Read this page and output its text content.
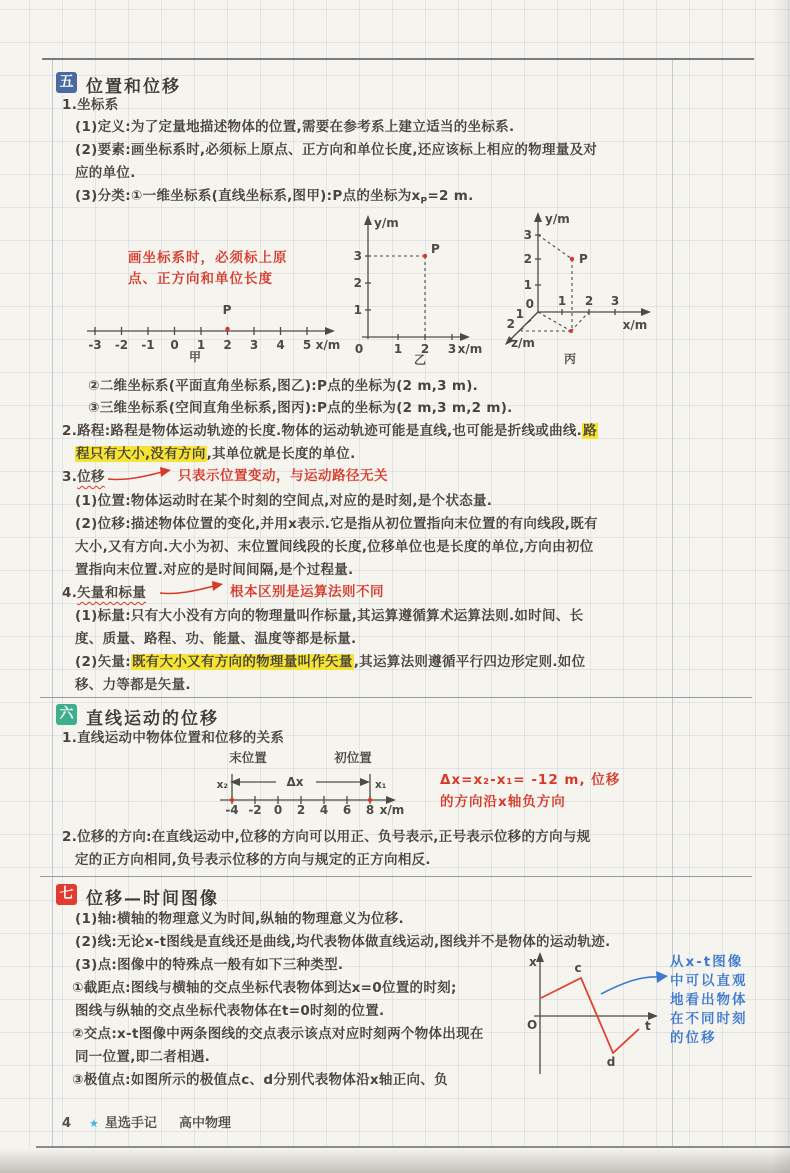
五 位置和位移
1.坐标系
(1)定义:为了定量地描述物体的位置,需要在参考系上建立适当的坐标系.
(2)要素:画坐标系时,必须标上原点、正方向和单位长度,还应该标上相应的物理量及对
应的单位.
(3)分类:①一维坐标系(直线坐标系,图甲):P点的坐标为$x_P=2$ m.
画坐标系时，必须标上原
点、正方向和单位长度
-3 -2 -1 0 1 2 3 4 5 x/m
P
甲
3
2
1
1 2 3
0	x/m
y/m
P
乙
3
2
1
1 2 3
1
2
0
y/m
x/m
z/m
P
丙
②二维坐标系(平面直角坐标系,图乙):P点的坐标为(2 m,3 m).
③三维坐标系(空间直角坐标系,图丙):P点的坐标为(2 m,3 m,2 m).
2.路程:路程是物体运动轨迹的长度.物体的运动轨迹可能是直线,也可能是折线或曲线.路
程只有大小,没有方向,其单位就是长度的单位.
3.位移	只表示位置变动，与运动路径无关
(1)位置:物体运动时在某个时刻的空间点,对应的是时刻,是个状态量.
(2)位移:描述物体位置的变化,并用x表示.它是指从初位置指向末位置的有向线段,既有
大小,又有方向.大小为初、末位置间线段的长度,位移单位也是长度的单位,方向由初位
置指向末位置.对应的是时间间隔,是个过程量.
4.矢量和标量	根本区别是运算法则不同
(1)标量:只有大小没有方向的物理量叫作标量,其运算遵循算术运算法则.如时间、长
度、质量、路程、功、能量、温度等都是标量.
(2)矢量:既有大小又有方向的物理量叫作矢量,其运算法则遵循平行四边形定则.如位
移、力等都是矢量.
六 直线运动的位移
1.直线运动中物体位置和位移的关系
-4 -2 0 2 4 6 8 x/m
末位置	初位置
x₂	x₁
Δx	Δx=x₂-x₁= -12 m, 位移
的方向沿x轴负方向
2.位移的方向:在直线运动中,位移的方向可以用正、负号表示,正号表示位移的方向与规
定的正方向相同,负号表示位移的方向与规定的正方向相反.
七 位移—时间图像
(1)轴:横轴的物理意义为时间,纵轴的物理意义为位移.
(2)线:无论x-t图线是直线还是曲线,均代表物体做直线运动,图线并不是物体的运动轨迹.
(3)点:图像中的特殊点一般有如下三种类型.
①截距点:图线与横轴的交点坐标代表物体到达x=0位置的时刻;
图线与纵轴的交点坐标代表物体在t=0时刻的位置.
②交点:x-t图像中两条图线的交点表示该点对应时刻两个物体出现在
同一位置,即二者相遇.
③极值点:如图所示的极值点c、d分别代表物体沿x轴正向、负
x
O	t
c
d
从x-t图像
中可以直观
地看出物体
在不同时刻
的位移
4 ★ 星选手记 高中物理
